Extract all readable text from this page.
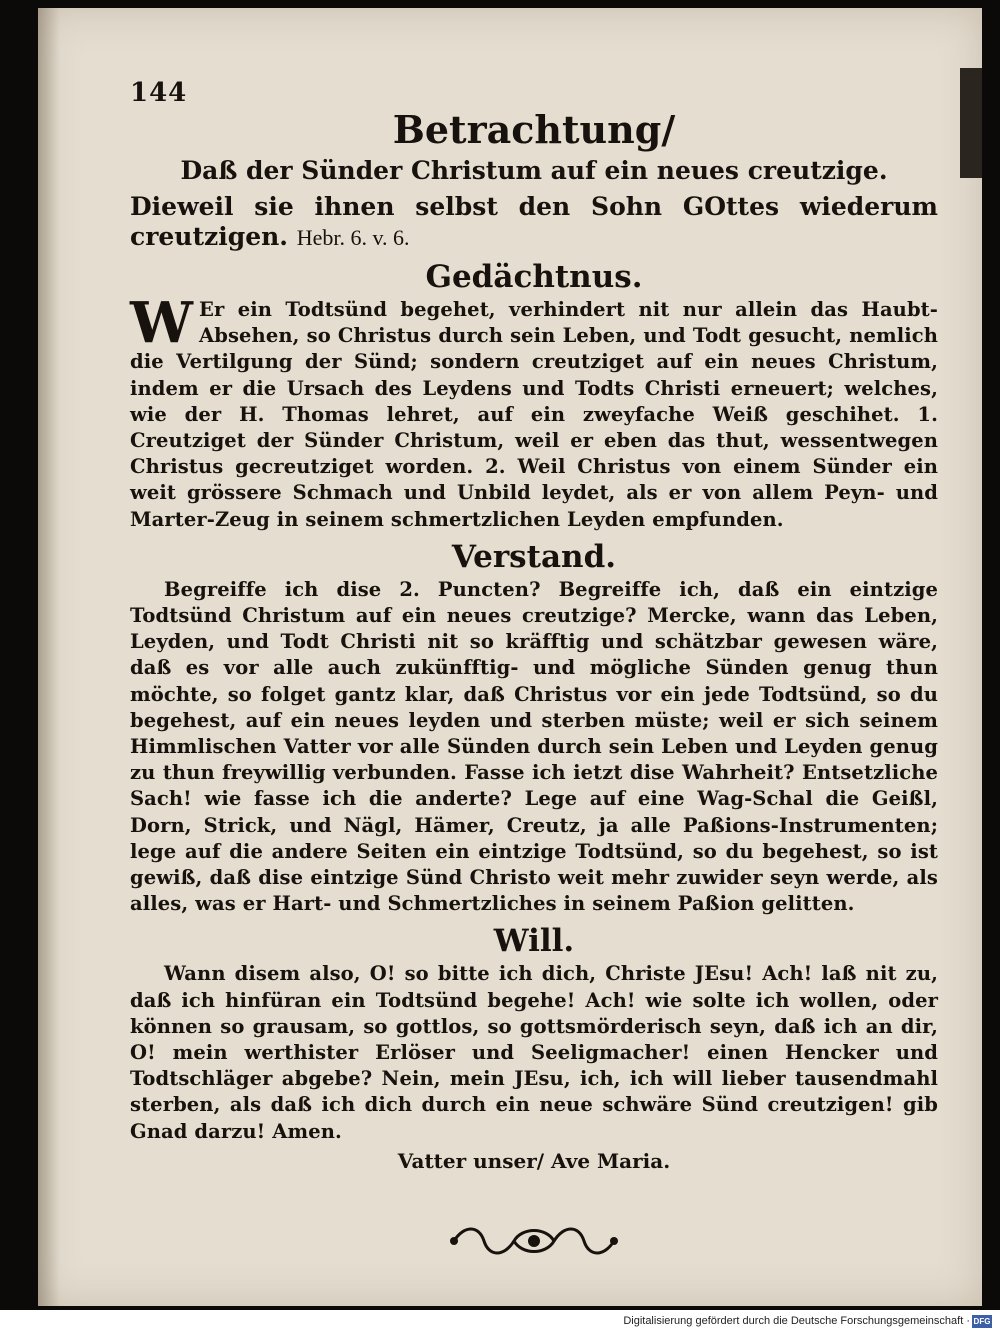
144
Betrachtung/
Daß der Sünder Christum auf ein neues creutzige.
Dieweil sie ihnen selbst den Sohn GOttes wiederum creutzigen. Hebr. 6. v. 6.
Gedächtnus.

W Er ein Todtsünd begehet, verhindert nit nur allein das Haubt-Absehen, so Christus durch sein Leben, und Todt gesucht, nemlich die Vertilgung der Sünd; sondern creutziget auf ein neues Christum, indem er die Ursach des Leydens und Todts Christi erneuert; welches, wie der H. Thomas lehret, auf ein zweyfache Weiß geschihet. 1. Creutziget der Sünder Christum, weil er eben das thut, wessentwegen Christus gecreutziget worden. 2. Weil Christus von einem Sünder ein weit grössere Schmach und Unbild leydet, als er von allem Peyn- und Marter-Zeug in seinem schmertzlichen Leyden empfunden.

Verstand.

Begreiffe ich dise 2. Puncten? Begreiffe ich, daß ein eintzige Todtsünd Christum auf ein neues creutzige? Mercke, wann das Leben, Leyden, und Todt Christi nit so kräfftig und schätzbar gewesen wäre, daß es vor alle auch zukünfftig- und mögliche Sünden genug thun möchte, so folget gantz klar, daß Christus vor ein jede Todtsünd, so du begehest, auf ein neues leyden und sterben müste; weil er sich seinem Himmlischen Vatter vor alle Sünden durch sein Leben und Leyden genug zu thun freywillig verbunden. Fasse ich ietzt dise Wahrheit? Entsetzliche Sach! wie fasse ich die anderte? Lege auf eine Wag-Schal die Geißl, Dorn, Strick, und Nägl, Hämer, Creutz, ja alle Paßions-Instrumenten; lege auf die andere Seiten ein eintzige Todtsünd, so du begehest, so ist gewiß, daß dise eintzige Sünd Christo weit mehr zuwider seyn werde, als alles, was er Hart- und Schmertzliches in seinem Paßion gelitten.

Will.

Wann disem also, O! so bitte ich dich, Christe JEsu! Ach! laß nit zu, daß ich hinfüran ein Todtsünd begehe! Ach! wie solte ich wollen, oder können so grausam, so gottlos, so gottsmörderisch seyn, daß ich an dir, O! mein werthister Erlöser und Seeligmacher! einen Hencker und Todtschläger abgebe? Nein, mein JEsu, ich, ich will lieber tausendmahl sterben, als daß ich dich durch ein neue schwäre Sünd creutzigen! gib Gnad darzu! Amen.

Vatter unser/ Ave Maria.
Digitalisierung gefördert durch die Deutsche Forschungsgemeinschaft · DFG
